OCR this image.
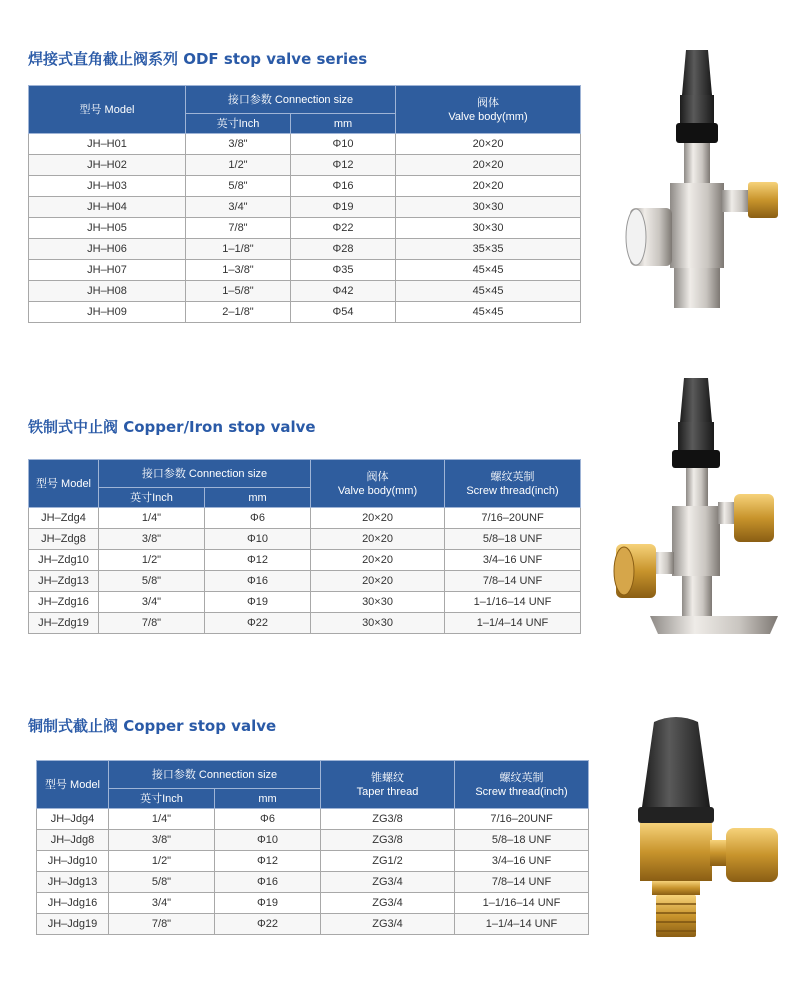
焊接式直角截止阀系列 ODF stop valve series
型号 Model	接口参数 Connection size		阀体
Valve body(mm)

	英寸Inch	mm	
JH–H01	3/8"	Φ10	20×20
JH–H02	1/2"	Φ12	20×20
JH–H03	5/8"	Φ16	20×20
JH–H04	3/4"	Φ19	30×30
JH–H05	7/8"	Φ22	30×30
JH–H06	1–1/8"	Φ28	35×35
JH–H07	1–3/8"	Φ35	45×45
JH–H08	1–5/8"	Φ42	45×45
JH–H09	2–1/8"	Φ54	45×45
铁制式中止阀 Copper/Iron stop valve
型号 Model	接口参数 Connection size		阀体
Valve body(mm)	螺纹英制
Screw thread(inch)

	英寸Inch	mm		
JH–Zdg4	1/4"	Φ6	20×20	7/16–20UNF
JH–Zdg8	3/8"	Φ10	20×20	5/8–18 UNF
JH–Zdg10	1/2"	Φ12	20×20	3/4–16 UNF
JH–Zdg13	5/8"	Φ16	20×20	7/8–14 UNF
JH–Zdg16	3/4"	Φ19	30×30	1–1/16–14 UNF
JH–Zdg19	7/8"	Φ22	30×30	1–1/4–14 UNF
铜制式截止阀 Copper stop valve
型号 Model	接口参数 Connection size		锥螺纹
Taper thread	螺纹英制
Screw thread(inch)

	英寸Inch	mm		
JH–Jdg4	1/4"	Φ6	ZG3/8	7/16–20UNF
JH–Jdg8	3/8"	Φ10	ZG3/8	5/8–18 UNF
JH–Jdg10	1/2"	Φ12	ZG1/2	3/4–16 UNF
JH–Jdg13	5/8"	Φ16	ZG3/4	7/8–14 UNF
JH–Jdg16	3/4"	Φ19	ZG3/4	1–1/16–14 UNF
JH–Jdg19	7/8"	Φ22	ZG3/4	1–1/4–14 UNF
